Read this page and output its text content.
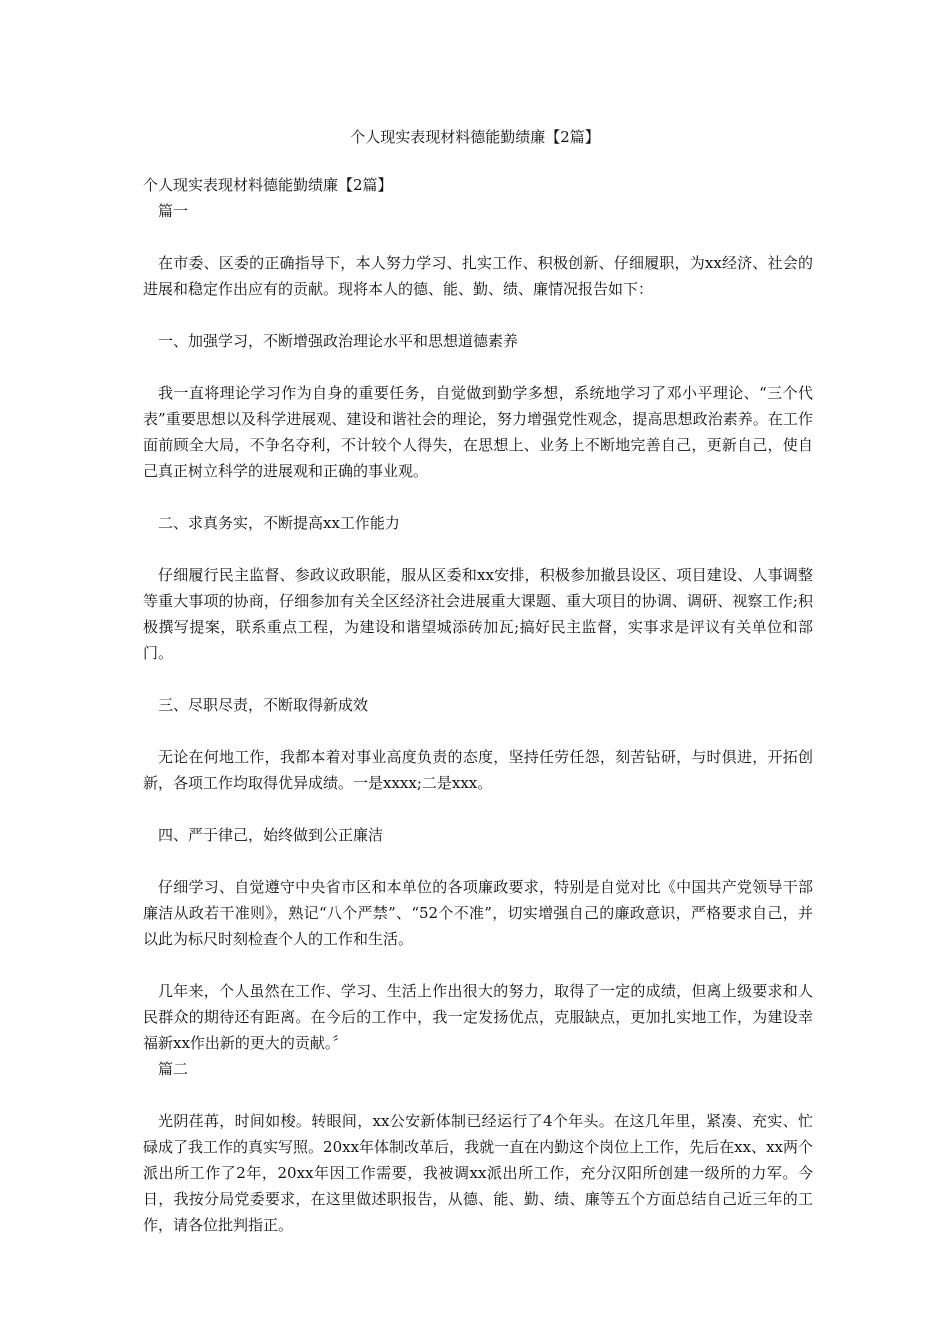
个人现实表现材料德能勤绩廉【2篇】

个人现实表现材料德能勤绩廉【2篇】

篇一

在市委、区委的正确指导下，本人努力学习、扎实工作、积极创新、仔细履职，为xx经济、社会的进展和稳定作出应有的贡献。现将本人的德、能、勤、绩、廉情况报告如下：

一、加强学习，不断增强政治理论水平和思想道德素养

我一直将理论学习作为自身的重要任务，自觉做到勤学多想，系统地学习了邓小平理论、“三个代表”重要思想以及科学进展观、建设和谐社会的理论，努力增强党性观念，提高思想政治素养。在工作面前顾全大局，不争名夺利，不计较个人得失，在思想上、业务上不断地完善自己，更新自己，使自己真正树立科学的进展观和正确的事业观。

二、求真务实，不断提高xx工作能力

仔细履行民主监督、参政议政职能，服从区委和xx安排，积极参加撤县设区、项目建设、人事调整等重大事项的协商，仔细参加有关全区经济社会进展重大课题、重大项目的协调、调研、视察工作;积极撰写提案，联系重点工程，为建设和谐望城添砖加瓦;搞好民主监督，实事求是评议有关单位和部门。

三、尽职尽责，不断取得新成效

无论在何地工作，我都本着对事业高度负责的态度，坚持任劳任怨，刻苦钻研，与时俱进，开拓创新，各项工作均取得优异成绩。一是xxxx;二是xxx。

四、严于律己，始终做到公正廉洁

仔细学习、自觉遵守中央省市区和本单位的各项廉政要求，特别是自觉对比《中国共产党领导干部廉洁从政若干准则》，熟记“八个严禁”、“52个不准”，切实增强自己的廉政意识，严格要求自己，并以此为标尺时刻检查个人的工作和生活。

几年来，个人虽然在工作、学习、生活上作出很大的努力，取得了一定的成绩，但离上级要求和人民群众的期待还有距离。在今后的工作中，我一定发扬优点，克服缺点，更加扎实地工作，为建设幸福新xx作出新的更大的贡献。〞

篇二

光阴荏苒，时间如梭。转眼间，xx公安新体制已经运行了4个年头。在这几年里，紧凑、充实、忙碌成了我工作的真实写照。20xx年体制改革后，我就一直在内勤这个岗位上工作，先后在xx、xx两个派出所工作了2年，20xx年因工作需要，我被调xx派出所工作，充分汉阳所创建一级所的力军。今日，我按分局党委要求，在这里做述职报告，从德、能、勤、绩、廉等五个方面总结自己近三年的工作，请各位批判指正。
